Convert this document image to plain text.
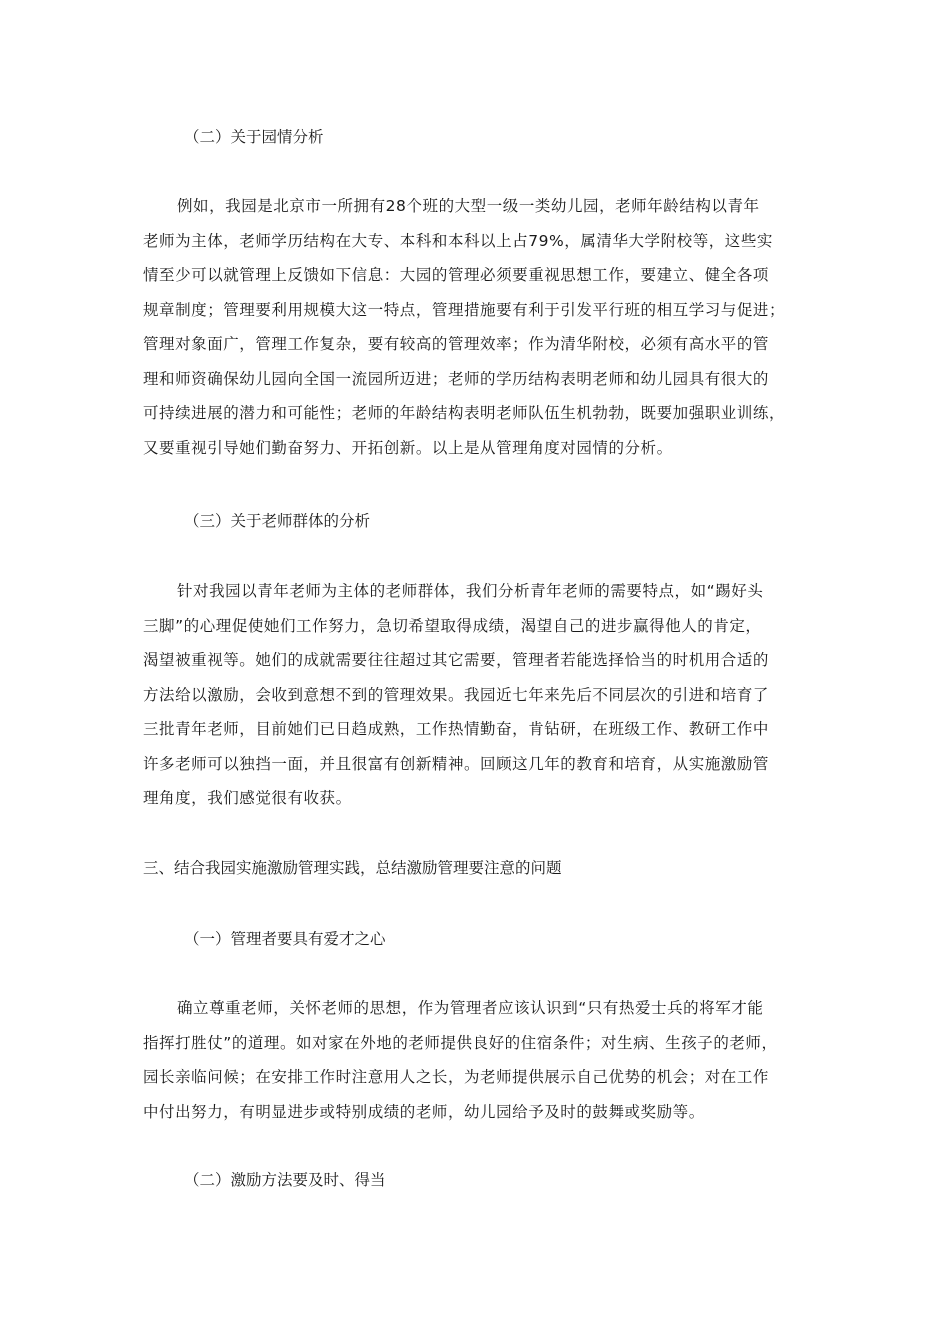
（二）关于园情分析
例如，我园是北京市一所拥有28个班的大型一级一类幼儿园，老师年龄结构以青年
老师为主体，老师学历结构在大专、本科和本科以上占79%，属清华大学附校等，这些实
情至少可以就管理上反馈如下信息：大园的管理必须要重视思想工作，要建立、健全各项
规章制度；管理要利用规模大这一特点，管理措施要有利于引发平行班的相互学习与促进；
管理对象面广，管理工作复杂，要有较高的管理效率；作为清华附校，必须有高水平的管
理和师资确保幼儿园向全国一流园所迈进；老师的学历结构表明老师和幼儿园具有很大的
可持续进展的潜力和可能性；老师的年龄结构表明老师队伍生机勃勃，既要加强职业训练，
又要重视引导她们勤奋努力、开拓创新。以上是从管理角度对园情的分析。
（三）关于老师群体的分析
针对我园以青年老师为主体的老师群体，我们分析青年老师的需要特点，如“踢好头
三脚”的心理促使她们工作努力，急切希望取得成绩，渴望自己的进步赢得他人的肯定，
渴望被重视等。她们的成就需要往往超过其它需要，管理者若能选择恰当的时机用合适的
方法给以激励，会收到意想不到的管理效果。我园近七年来先后不同层次的引进和培育了
三批青年老师，目前她们已日趋成熟，工作热情勤奋，肯钻研，在班级工作、教研工作中
许多老师可以独挡一面，并且很富有创新精神。回顾这几年的教育和培育，从实施激励管
理角度，我们感觉很有收获。
三、结合我园实施激励管理实践，总结激励管理要注意的问题
（一）管理者要具有爱才之心
确立尊重老师，关怀老师的思想，作为管理者应该认识到“只有热爱士兵的将军才能
指挥打胜仗”的道理。如对家在外地的老师提供良好的住宿条件；对生病、生孩子的老师，
园长亲临问候；在安排工作时注意用人之长，为老师提供展示自己优势的机会；对在工作
中付出努力，有明显进步或特别成绩的老师，幼儿园给予及时的鼓舞或奖励等。
（二）激励方法要及时、得当
